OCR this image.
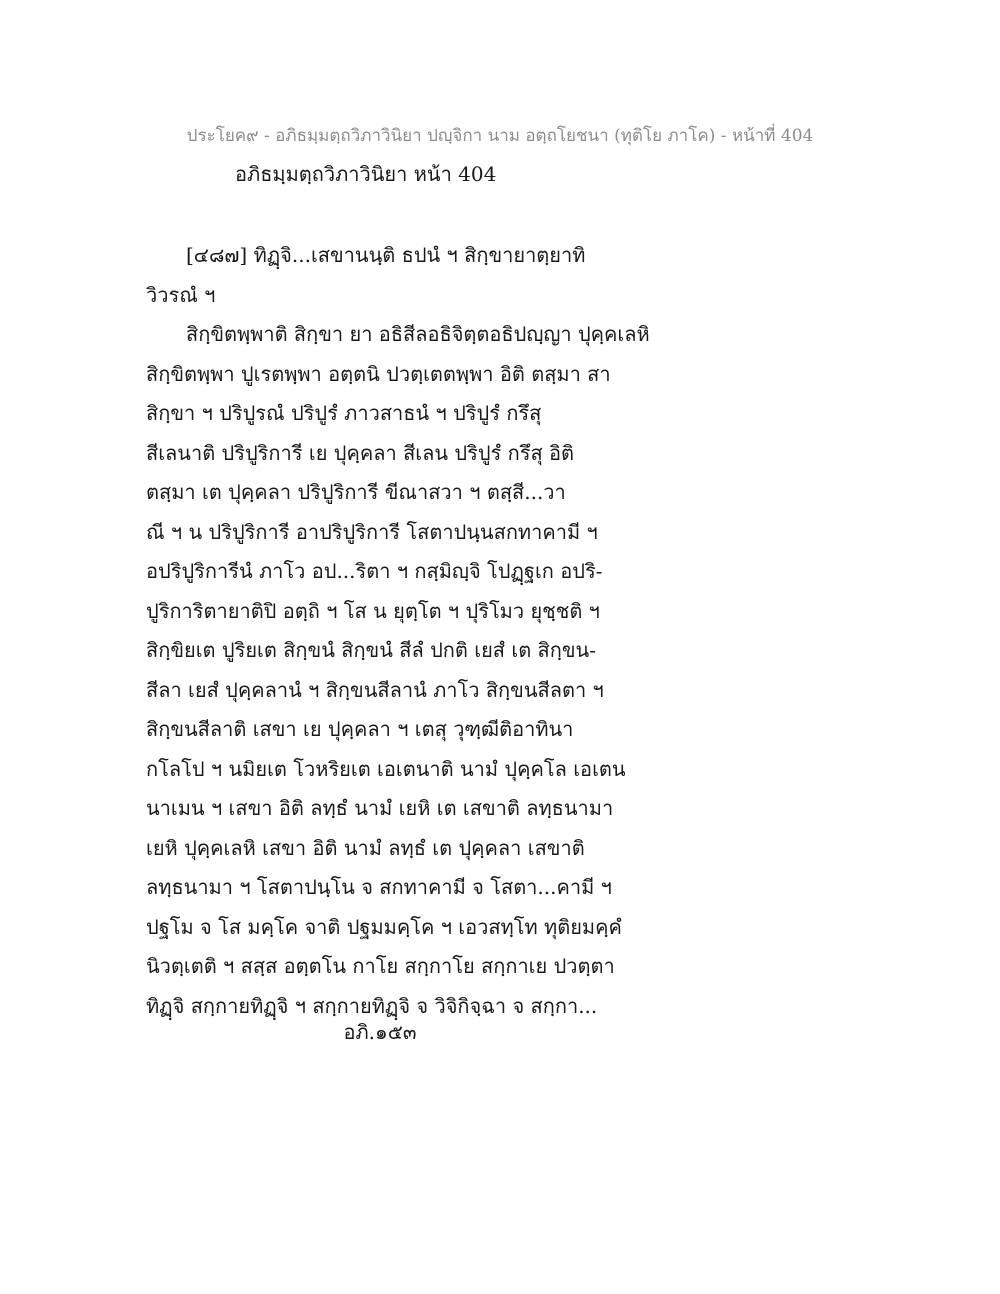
ประโยค๙ - อภิธมฺมตฺถวิภาวินิยา ปญฺจิกา นาม อตฺถโยชนา (ทุติโย ภาโค) - หน้าที่ 404
อภิธมฺมตฺถวิภาวินิยา หน้า 404
[๔๘๗] ทิฏฺจิ...เสขานนฺติ ธปนํ ฯ สิกฺขายาตฺยาทิ
วิวรณํ ฯ
สิกฺขิตพฺพาติ สิกฺขา ยา อธิสีลอธิจิตฺตอธิปญฺญา ปุคฺคเลหิ
สิกฺขิตพฺพา ปูเรตพฺพา อตฺตนิ ปวตฺเตตพฺพา อิติ ตสฺมา สา
สิกฺขา ฯ ปริปูรณํ ปริปูรํ ภาวสาธนํ ฯ ปริปูรํ กรึสุ
สีเลนาติ ปริปูริการี เย ปุคฺคลา สีเลน ปริปูรํ กรึสุ อิติ
ตสฺมา เต ปุคฺคลา ปริปูริการี ขีณาสวา ฯ ตสฺสี...วา
ณี ฯ น ปริปูริการี อาปริปูริการี โสตาปนฺนสกทาคามี ฯ
อปริปูริการีนํ ภาโว อป...ริตา ฯ กสฺมิญฺจิ โปฏฺฐเก อปริ-
ปูริการิตายาติปิ อตฺถิ ฯ โส น ยุตฺโต ฯ ปุริโมว ยุชฺชติ ฯ
สิกฺขิยเต ปูริยเต สิกฺขนํ สิกฺขนํ สีลํ ปกติ เยสํ เต สิกฺขน-
สีลา เยสํ ปุคฺคลานํ ฯ สิกฺขนสีลานํ ภาโว สิกฺขนสีลตา ฯ
สิกฺขนสีลาติ เสขา เย ปุคฺคลา ฯ เตสุ วุฑฺฒีติอาทินา
กโลโป ฯ นมิยเต โวหริยเต เอเตนาติ นามํ ปุคฺคโล เอเตน
นาเมน ฯ เสขา อิติ ลทฺธํ นามํ เยหิ เต เสขาติ ลทฺธนามา
เยหิ ปุคฺคเลหิ เสขา อิติ นามํ ลทฺธํ เต ปุคฺคลา เสขาติ
ลทฺธนามา ฯ โสตาปนฺโน จ สกทาคามี จ โสตา...คามี ฯ
ปฐโม จ โส มคฺโค จาติ ปฐมมคฺโค ฯ เอวสทฺโท ทุติยมคฺคํ
นิวตฺเตติ ฯ สสฺส อตฺตโน กาโย สกฺกาโย สกฺกาเย ปวตฺตา
ทิฏฺจิ สกฺกายทิฏฺจิ ฯ สกฺกายทิฏฺจิ จ วิจิกิจฺฉา จ สกฺกา...
อภิ.๑๕๓
